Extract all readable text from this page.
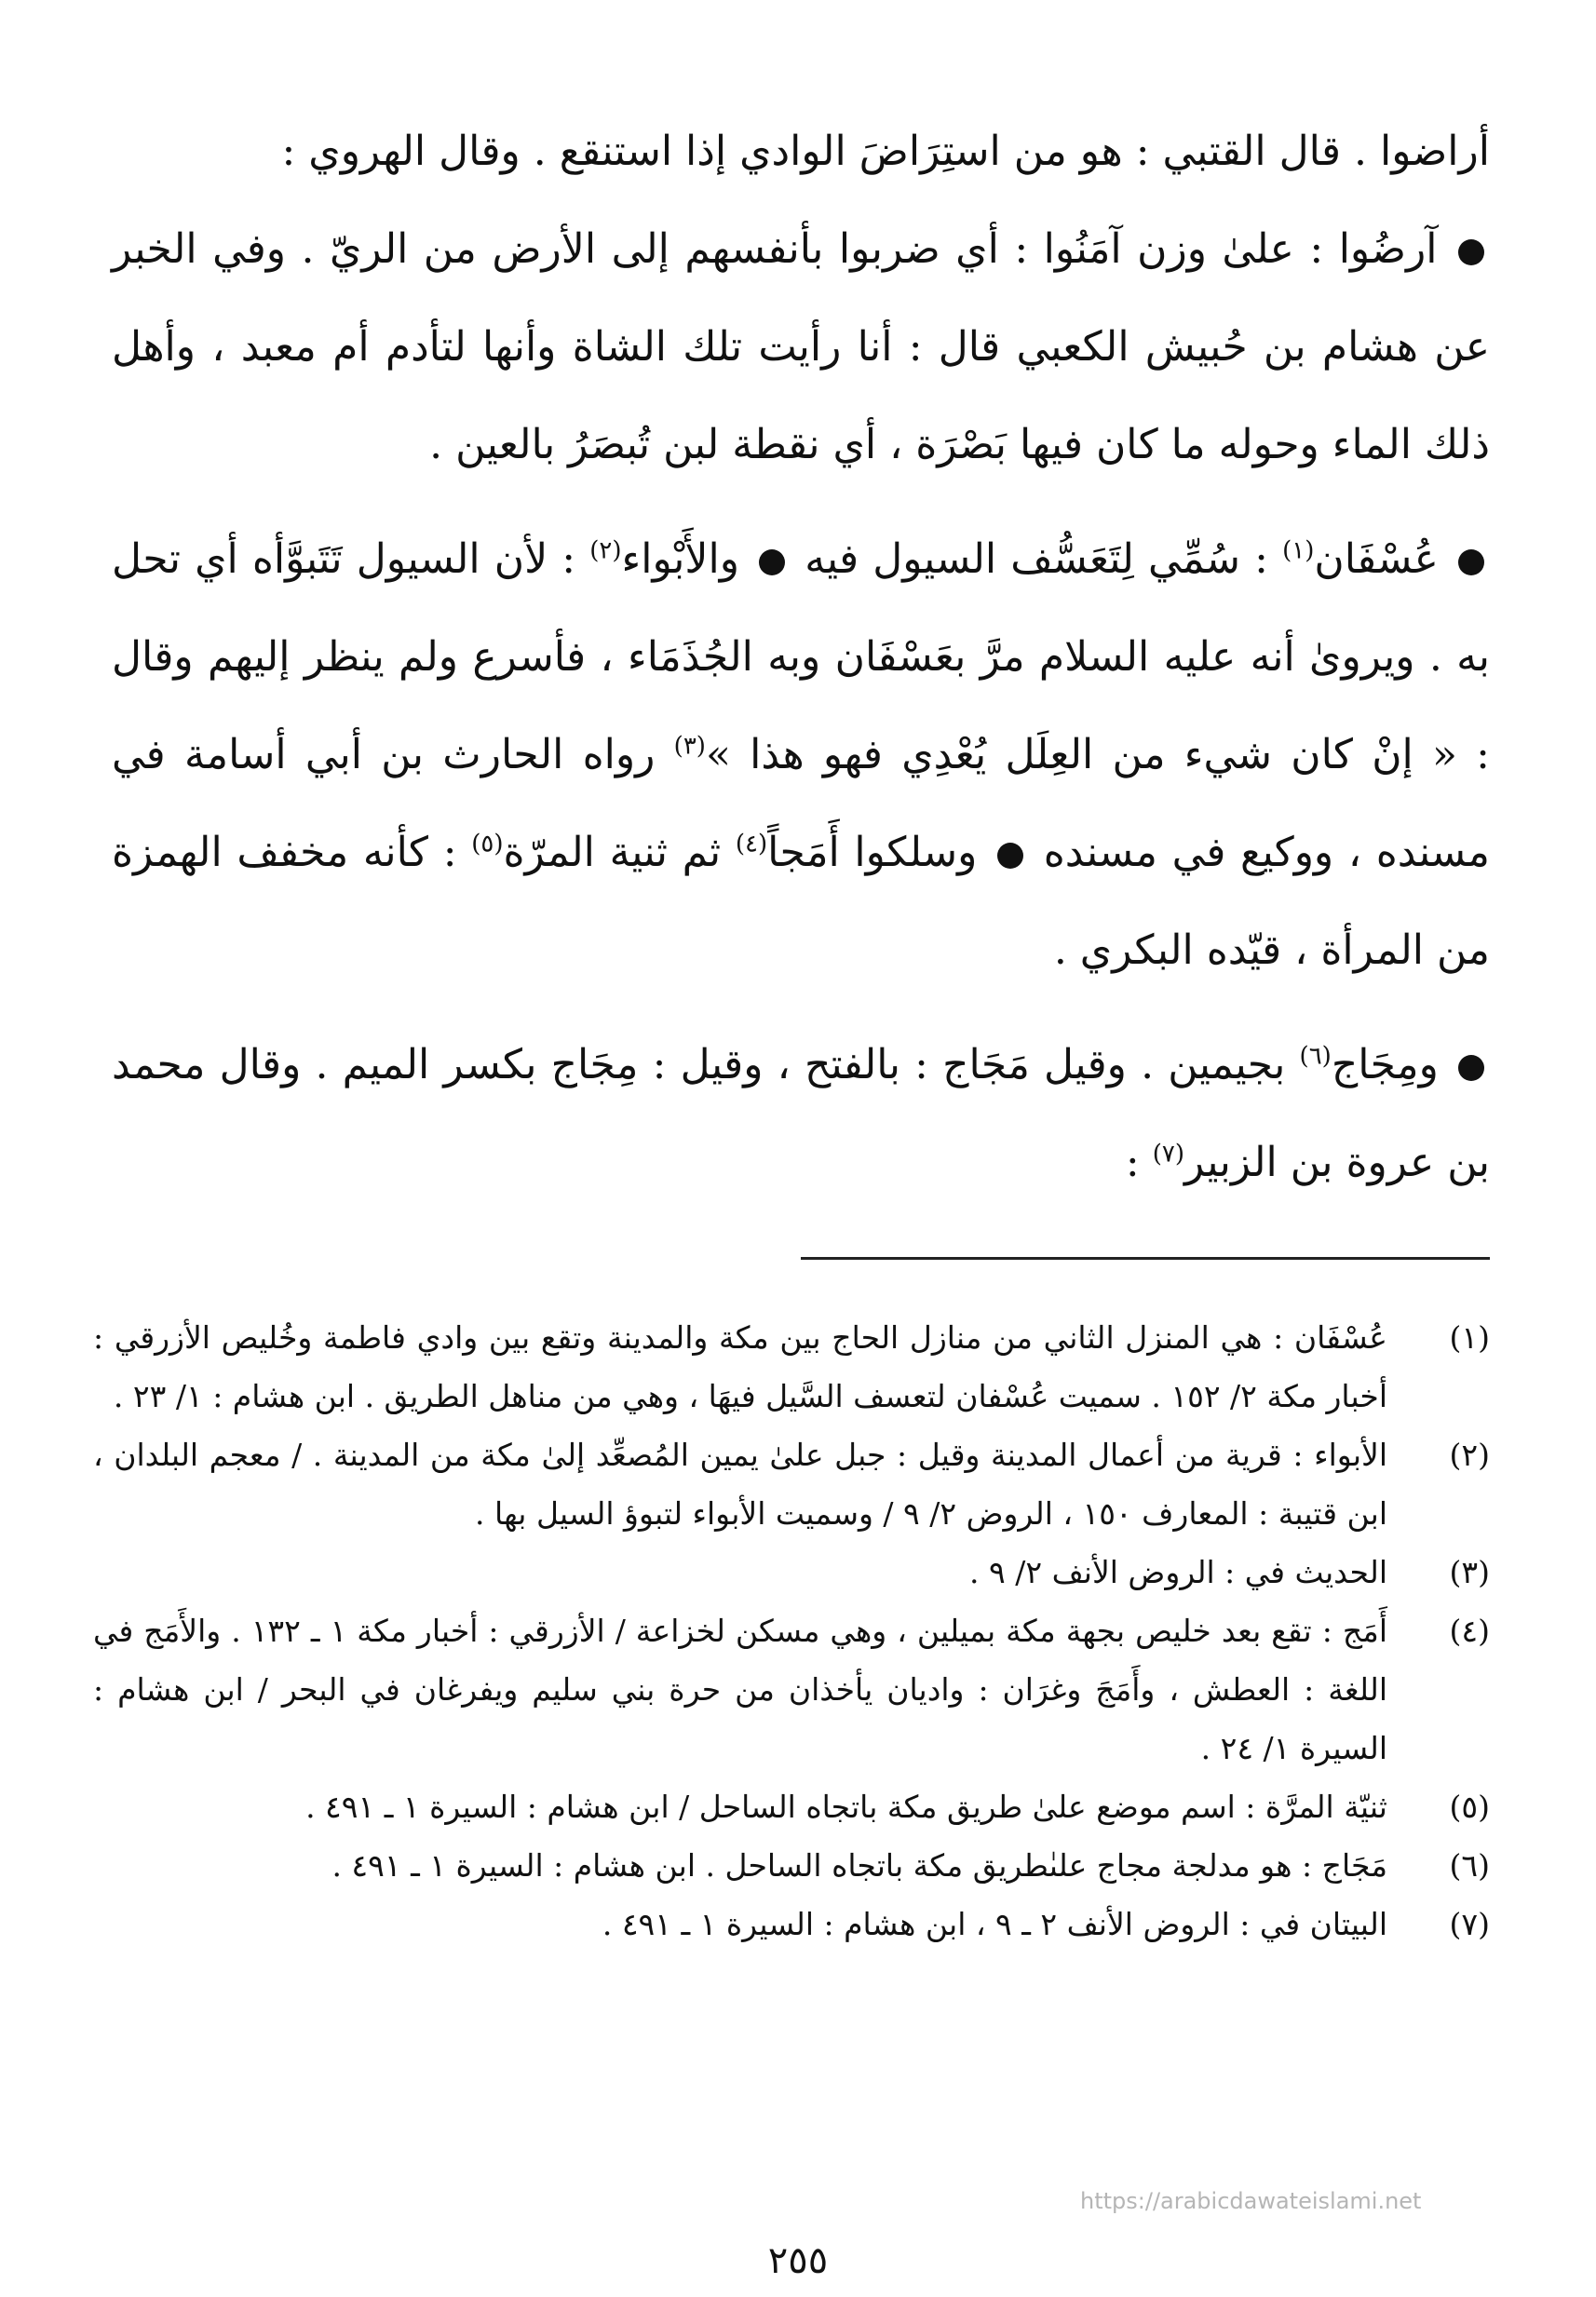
أراضوا . قال القتبي : هو من استِرَاضَ الوادي إذا استنقع . وقال الهروي :
آرضُوا : علىٰ وزن آمَنُوا : أي ضربوا بأنفسهم إلى الأرض من الريّ . وفي الخبر عن هشام بن حُبيش الكعبي قال : أنا رأيت تلك الشاة وأنها لتأدم أم معبد ، وأهل ذلك الماء وحوله ما كان فيها بَصْرَة ، أي نقطة لبن تُبصَرُ بالعين .

عُسْفَان$^{(١)}$ : سُمِّي لِتَعَسُّف السيول فيه  والأَبْواء$^{(٢)}$ : لأن السيول تَتَبوَّأه أي تحل به . ويروىٰ أنه عليه السلام مرَّ بعَسْفَان وبه الجُذَمَاء ، فأسرع ولم ينظر إليهم وقال : « إنْ كان شيء من العِلَل يُعْدِي فهو هذا »$^{(٣)}$ رواه الحارث بن أبي أسامة في مسنده ، ووكيع في مسنده  وسلكوا أَمَجاً$^{(٤)}$ ثم ثنية المرّة$^{(٥)}$ : كأنه مخفف الهمزة من المرأة ، قيّده البكري .

ومِجَاج$^{(٦)}$ بجيمين . وقيل مَجَاج : بالفتح ، وقيل : مِجَاج بكسر الميم . وقال محمد بن عروة بن الزبير$^{(٧)}$ :

(١)
عُسْفَان : هي المنزل الثاني من منازل الحاج بين مكة والمدينة وتقع بين وادي فاطمة وخُليص الأزرقي : أخبار مكة ٢/ ١٥٢ . سميت عُسْفان لتعسف السَّيل فيهَا ، وهي من مناهل الطريق . ابن هشام : ١/ ٢٣ .
(٢)
الأبواء : قرية من أعمال المدينة وقيل : جبل علىٰ يمين المُصعِّد إلىٰ مكة من المدينة . / معجم البلدان ، ابن قتيبة : المعارف ١٥٠ ، الروض ٢/ ٩ / وسميت الأبواء لتبوؤ السيل بها .
(٣)
الحديث في : الروض الأنف ٢/ ٩ .
(٤)
أَمَج : تقع بعد خليص بجهة مكة بميلين ، وهي مسكن لخزاعة / الأزرقي : أخبار مكة ١ ـ ١٣٢ . والأَمَج في اللغة : العطش ، وأَمَجَ وغرَان : واديان يأخذان من حرة بني سليم ويفرغان في البحر / ابن هشام : السيرة ١/ ٢٤ .
(٥)
ثنيّة المرَّة : اسم موضع علىٰ طريق مكة باتجاه الساحل / ابن هشام : السيرة ١ ـ ٤٩١ .
(٦)
مَجَاج : هو مدلجة مجاج علىٰطريق مكة باتجاه الساحل . ابن هشام : السيرة ١ ـ ٤٩١ .
(٧)
البيتان في : الروض الأنف ٢ ـ ٩ ، ابن هشام : السيرة ١ ـ ٤٩١ .
https://arabicdawateislami.net
٢٥٥
